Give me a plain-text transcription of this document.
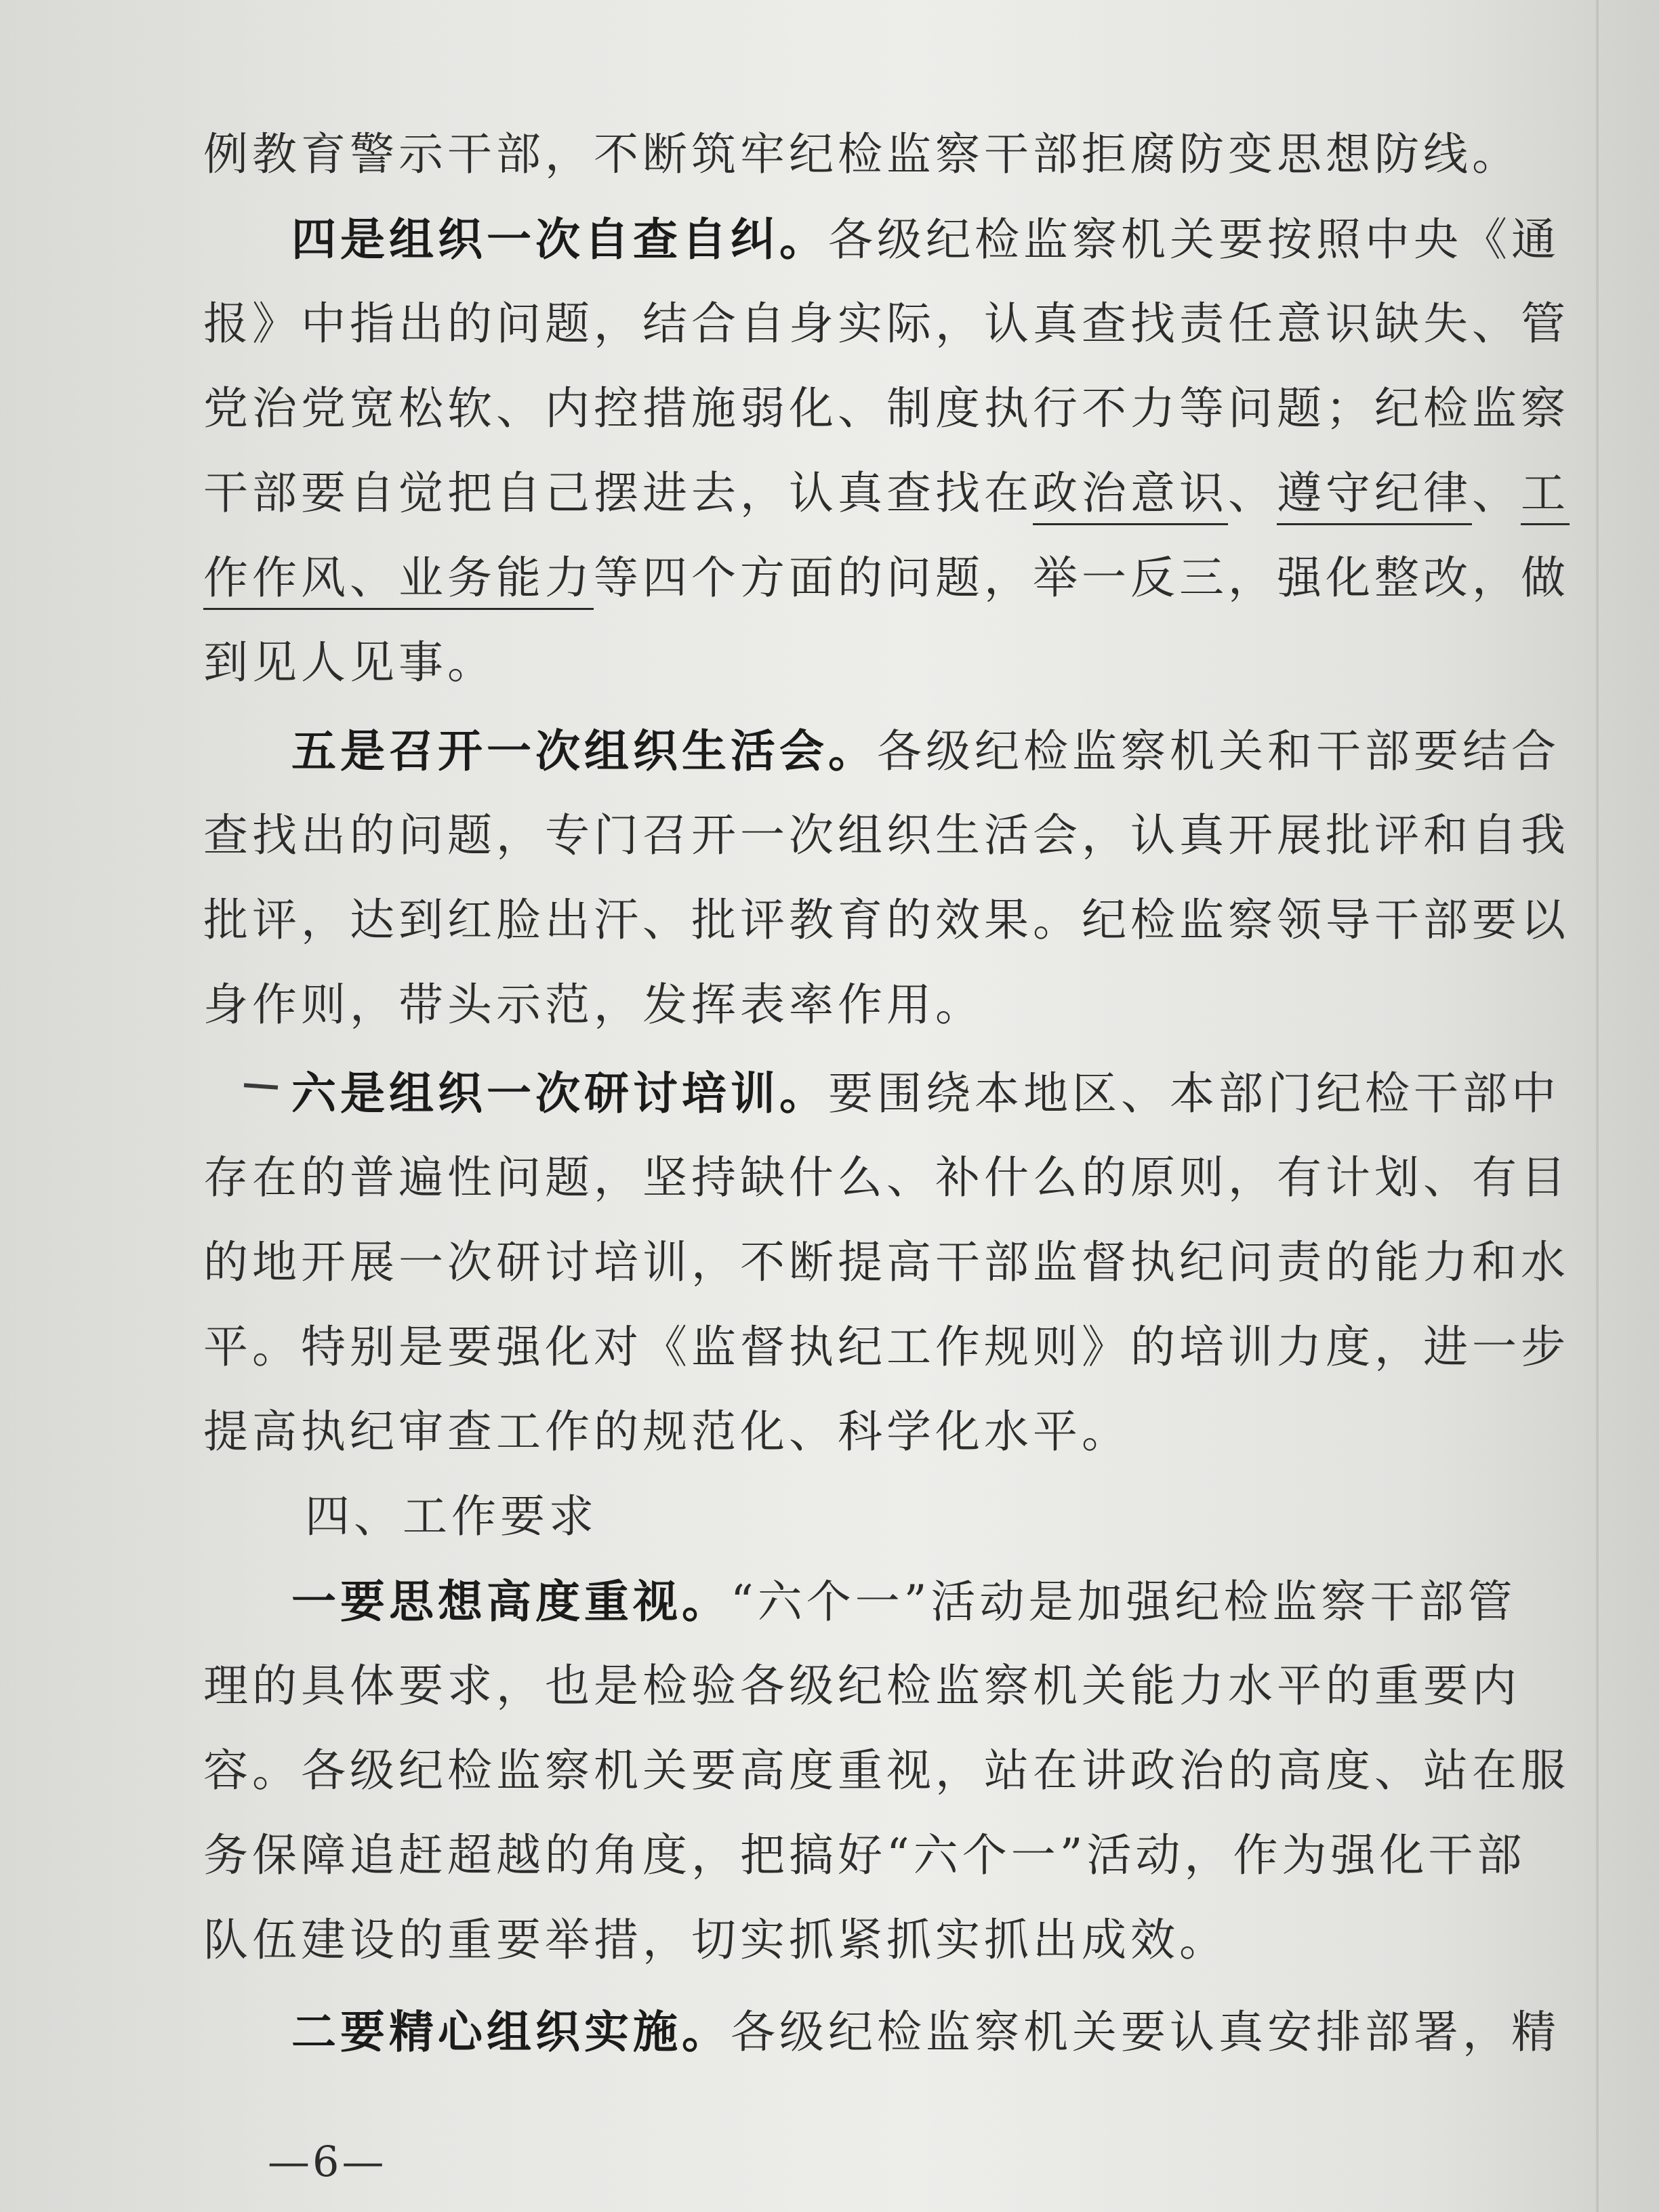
例教育警示干部，不断筑牢纪检监察干部拒腐防变思想防线。
四是组织一次自查自纠。各级纪检监察机关要按照中央《通
报》中指出的问题，结合自身实际，认真查找责任意识缺失、管
党治党宽松软、内控措施弱化、制度执行不力等问题；纪检监察
干部要自觉把自己摆进去，认真查找在政治意识、遵守纪律、工
作作风、业务能力等四个方面的问题，举一反三，强化整改，做
到见人见事。
五是召开一次组织生活会。各级纪检监察机关和干部要结合
查找出的问题，专门召开一次组织生活会，认真开展批评和自我
批评，达到红脸出汗、批评教育的效果。纪检监察领导干部要以
身作则，带头示范，发挥表率作用。
六是组织一次研讨培训。要围绕本地区、本部门纪检干部中
存在的普遍性问题，坚持缺什么、补什么的原则，有计划、有目
的地开展一次研讨培训，不断提高干部监督执纪问责的能力和水
平。特别是要强化对《监督执纪工作规则》的培训力度，进一步
提高执纪审查工作的规范化、科学化水平。
四、工作要求
一要思想高度重视。“六个一”活动是加强纪检监察干部管
理的具体要求，也是检验各级纪检监察机关能力水平的重要内
容。各级纪检监察机关要高度重视，站在讲政治的高度、站在服
务保障追赶超越的角度，把搞好“六个一”活动，作为强化干部
队伍建设的重要举措，切实抓紧抓实抓出成效。
二要精心组织实施。各级纪检监察机关要认真安排部署，精
—6—
